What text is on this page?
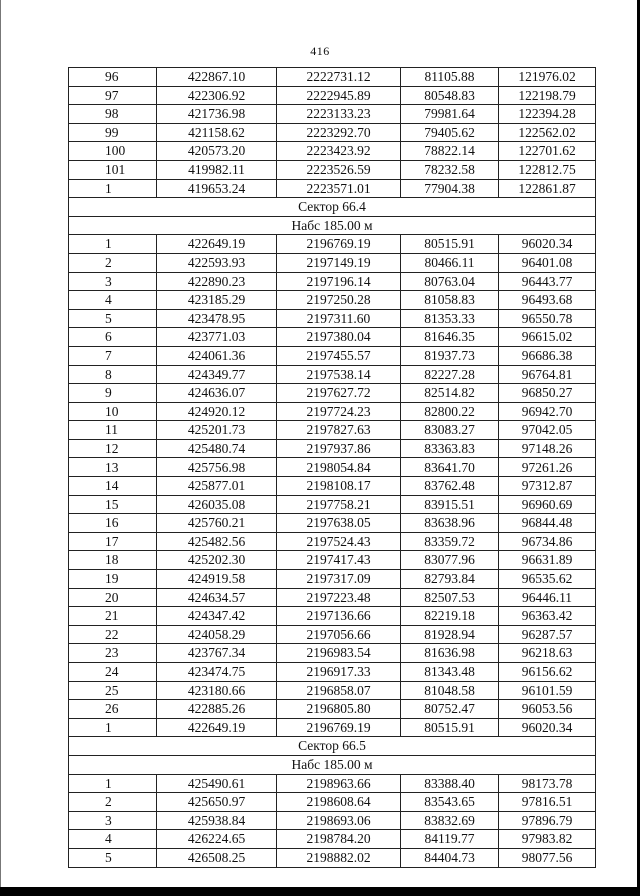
416
96	422867.10	2222731.12	81105.88	121976.02
97	422306.92	2222945.89	80548.83	122198.79
98	421736.98	2223133.23	79981.64	122394.28
99	421158.62	2223292.70	79405.62	122562.02
100	420573.20	2223423.92	78822.14	122701.62
101	419982.11	2223526.59	78232.58	122812.75
1	419653.24	2223571.01	77904.38	122861.87
Сектор 66.4				
Набс 185.00 м				
1	422649.19	2196769.19	80515.91	96020.34
2	422593.93	2197149.19	80466.11	96401.08
3	422890.23	2197196.14	80763.04	96443.77
4	423185.29	2197250.28	81058.83	96493.68
5	423478.95	2197311.60	81353.33	96550.78
6	423771.03	2197380.04	81646.35	96615.02
7	424061.36	2197455.57	81937.73	96686.38
8	424349.77	2197538.14	82227.28	96764.81
9	424636.07	2197627.72	82514.82	96850.27
10	424920.12	2197724.23	82800.22	96942.70
11	425201.73	2197827.63	83083.27	97042.05
12	425480.74	2197937.86	83363.83	97148.26
13	425756.98	2198054.84	83641.70	97261.26
14	425877.01	2198108.17	83762.48	97312.87
15	426035.08	2197758.21	83915.51	96960.69
16	425760.21	2197638.05	83638.96	96844.48
17	425482.56	2197524.43	83359.72	96734.86
18	425202.30	2197417.43	83077.96	96631.89
19	424919.58	2197317.09	82793.84	96535.62
20	424634.57	2197223.48	82507.53	96446.11
21	424347.42	2197136.66	82219.18	96363.42
22	424058.29	2197056.66	81928.94	96287.57
23	423767.34	2196983.54	81636.98	96218.63
24	423474.75	2196917.33	81343.48	96156.62
25	423180.66	2196858.07	81048.58	96101.59
26	422885.26	2196805.80	80752.47	96053.56
1	422649.19	2196769.19	80515.91	96020.34
Сектор 66.5				
Набс 185.00 м				
1	425490.61	2198963.66	83388.40	98173.78
2	425650.97	2198608.64	83543.65	97816.51
3	425938.84	2198693.06	83832.69	97896.79
4	426224.65	2198784.20	84119.77	97983.82
5	426508.25	2198882.02	84404.73	98077.56
